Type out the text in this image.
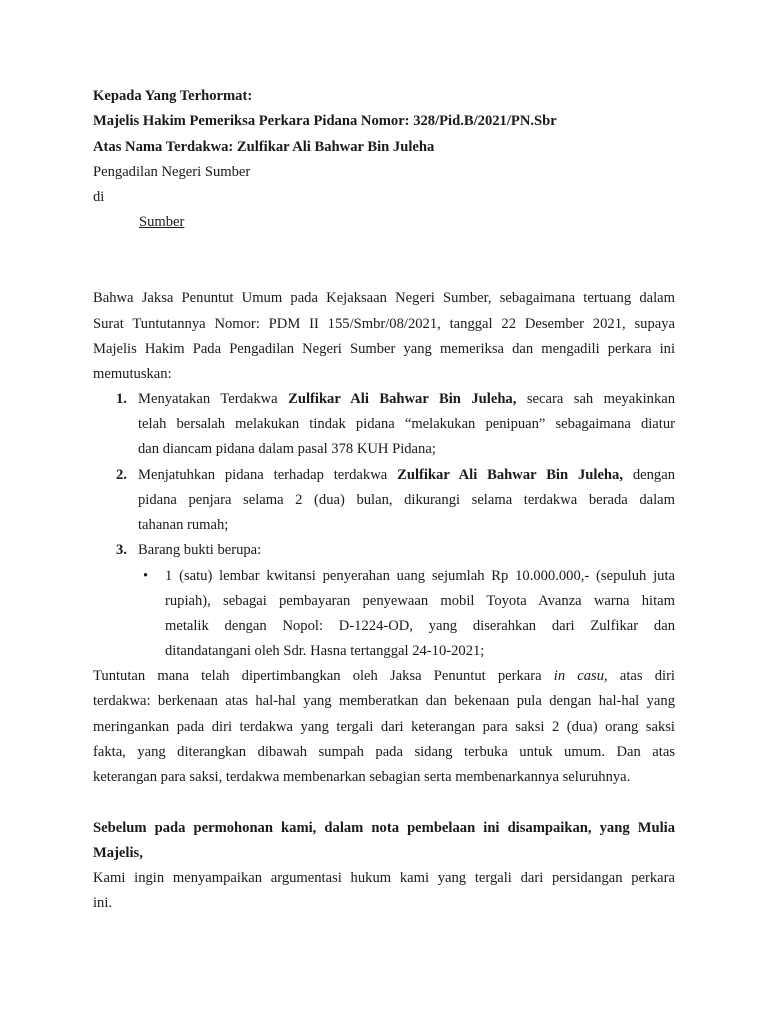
Kepada Yang Terhormat:
Majelis Hakim Pemeriksa Perkara Pidana Nomor: 328/Pid.B/2021/PN.Sbr
Atas Nama Terdakwa: Zulfikar Ali Bahwar Bin Juleha
Pengadilan Negeri Sumber
di
Sumber
Bahwa Jaksa Penuntut Umum pada Kejaksaan Negeri Sumber, sebagaimana tertuang dalam
Surat Tuntutannya Nomor: PDM II 155/Smbr/08/2021, tanggal 22 Desember 2021, supaya
Majelis Hakim Pada Pengadilan Negeri Sumber yang memeriksa dan mengadili perkara ini
memutuskan:
1. Menyatakan Terdakwa Zulfikar Ali Bahwar Bin Juleha, secara sah meyakinkan
telah bersalah melakukan tindak pidana “melakukan penipuan” sebagaimana diatur
dan diancam pidana dalam pasal 378 KUH Pidana;
2. Menjatuhkan pidana terhadap terdakwa Zulfikar Ali Bahwar Bin Juleha, dengan
pidana penjara selama 2 (dua) bulan, dikurangi selama terdakwa berada dalam
tahanan rumah;
3. Barang bukti berupa:
• 1 (satu) lembar kwitansi penyerahan uang sejumlah Rp 10.000.000,- (sepuluh juta
rupiah), sebagai pembayaran penyewaan mobil Toyota Avanza warna hitam
metalik dengan Nopol: D-1224-OD, yang diserahkan dari Zulfikar dan
ditandatangani oleh Sdr. Hasna tertanggal 24-10-2021;
Tuntutan mana telah dipertimbangkan oleh Jaksa Penuntut perkara in casu, atas diri
terdakwa: berkenaan atas hal-hal yang memberatkan dan bekenaan pula dengan hal-hal yang
meringankan pada diri terdakwa yang tergali dari keterangan para saksi 2 (dua) orang saksi
fakta, yang diterangkan dibawah sumpah pada sidang terbuka untuk umum. Dan atas
keterangan para saksi, terdakwa membenarkan sebagian serta membenarkannya seluruhnya.
Sebelum pada permohonan kami, dalam nota pembelaan ini disampaikan, yang Mulia
Majelis,
Kami ingin menyampaikan argumentasi hukum kami yang tergali dari persidangan perkara
ini.
